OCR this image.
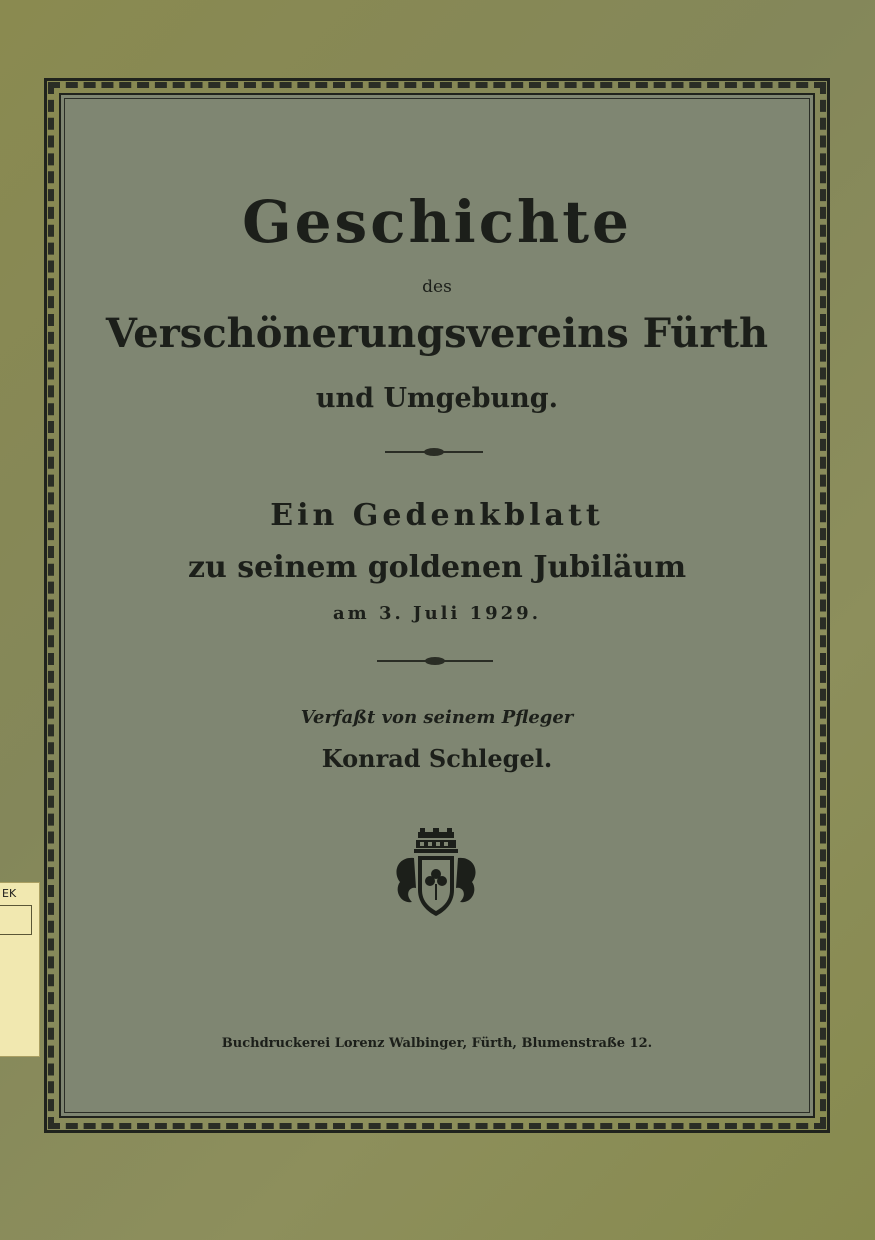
Geschichte

des

Verschönerungsvereins Fürth
und Umgebung.

Ein Gedenkblatt

zu seinem goldenen Jubiläum

am 3. Juli 1929.

Verfaßt von seinem Pfleger

Konrad Schlegel.

Buchdruckerei Lorenz Walbinger, Fürth, Blumenstraße 12.

EK
